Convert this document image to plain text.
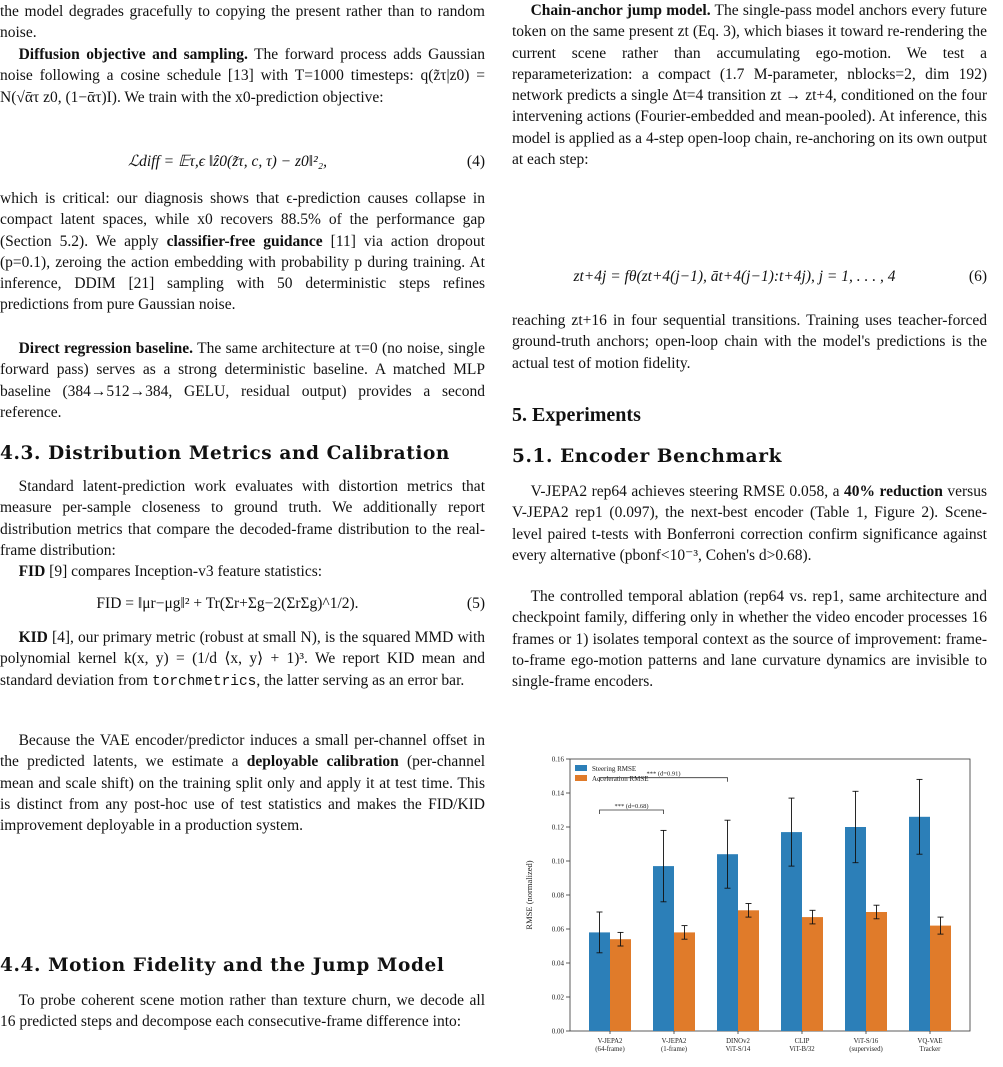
the model degrades gracefully to copying the present rather than to random noise.

Diffusion objective and sampling. The forward process adds Gaussian noise following a cosine schedule [13] with T=1000 timesteps: q(z̃τ|z0) = N(√ᾱτ z0, (1−ᾱτ)I). We train with the x0-prediction objective:

ℒdiff = 𝔼τ,ϵ ‖ẑ0(z̃τ, c, τ) − z0‖²₂,	(4)

which is critical: our diagnosis shows that ϵ-prediction causes collapse in compact latent spaces, while x0 recovers 88.5% of the performance gap (Section 5.2). We apply classifier-free guidance [11] via action dropout (p=0.1), zeroing the action embedding with probability p during training. At inference, DDIM [21] sampling with 50 deterministic steps refines predictions from pure Gaussian noise.

Direct regression baseline. The same architecture at τ=0 (no noise, single forward pass) serves as a strong deterministic baseline. A matched MLP baseline (384→512→384, GELU, residual output) provides a second reference.

4.3. Distribution Metrics and Calibration

Standard latent-prediction work evaluates with distortion metrics that measure per-sample closeness to ground truth. We additionally report distribution metrics that compare the decoded-frame distribution to the real-frame distribution:

FID [9] compares Inception-v3 feature statistics:

FID = ‖μr−μg‖² + Tr(Σr+Σg−2(ΣrΣg)^1/2).	(5)

KID [4], our primary metric (robust at small N), is the squared MMD with polynomial kernel k(x, y) = (1/d ⟨x, y⟩ + 1)³. We report KID mean and standard deviation from torchmetrics, the latter serving as an error bar.

Because the VAE encoder/predictor induces a small per-channel offset in the predicted latents, we estimate a deployable calibration (per-channel mean and scale shift) on the training split only and apply it at test time. This is distinct from any post-hoc use of test statistics and makes the FID/KID improvement deployable in a production system.

4.4. Motion Fidelity and the Jump Model

To probe coherent scene motion rather than texture churn, we decode all 16 predicted steps and decompose each consecutive-frame difference into:

Chain-anchor jump model. The single-pass model anchors every future token on the same present zt (Eq. 3), which biases it toward re-rendering the current scene rather than accumulating ego-motion. We test a reparameterization: a compact (1.7 M-parameter, nblocks=2, dim 192) network predicts a single Δt=4 transition zt → zt+4, conditioned on the four intervening actions (Fourier-embedded and mean-pooled). At inference, this model is applied as a 4-step open-loop chain, re-anchoring on its own output at each step:

zt+4j = fθ(zt+4(j−1), āt+4(j−1):t+4j), j = 1, . . . , 4	(6)

reaching zt+16 in four sequential transitions. Training uses teacher-forced ground-truth anchors; open-loop chain with the model's predictions is the actual test of motion fidelity.

5. Experiments
5.1. Encoder Benchmark

V-JEPA2 rep64 achieves steering RMSE 0.058, a 40% reduction versus V-JEPA2 rep1 (0.097), the next-best encoder (Table 1, Figure 2). Scene-level paired t-tests with Bonferroni correction confirm significance against every alternative (pbonf<10⁻³, Cohen's d>0.68).

The controlled temporal ablation (rep64 vs. rep1, same architecture and checkpoint family, differing only in whether the video encoder processes 16 frames or 1) isolates temporal context as the source of improvement: frame-to-frame ego-motion patterns and lane curvature dynamics are invisible to single-frame encoders.

0.00
0.02
0.04
0.06
0.08
0.10
0.12
0.14
0.16
RMSE (normalized)
V-JEPA2
(64-frame)
V-JEPA2
(1-frame)
DINOv2
ViT-S/14
CLIP
ViT-B/32
ViT-S/16
(supervised)
VQ-VAE
Tracker
*** (d=0.68)
*** (d=0.91)
Steering RMSE
Acceleration RMSE
